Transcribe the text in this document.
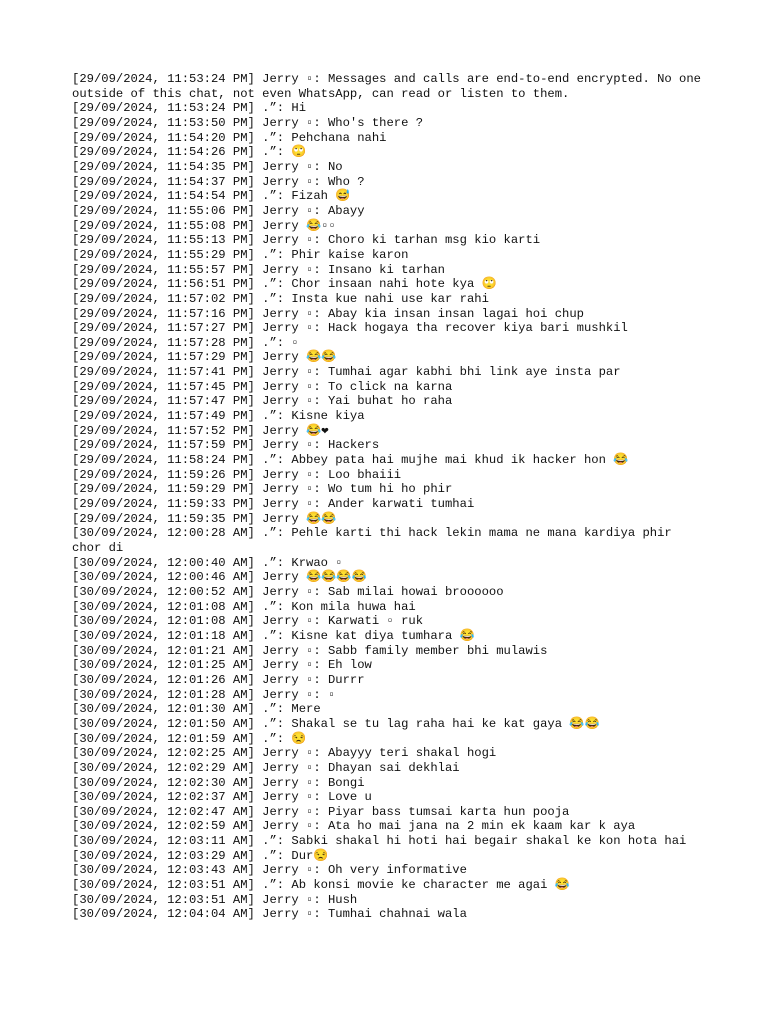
[29/09/2024, 11:53:24 PM] Jerry ▫: Messages and calls are end-to-end encrypted. No one outside of this chat, not even WhatsApp, can read or listen to them.
[29/09/2024, 11:53:24 PM] .”: Hi
[29/09/2024, 11:53:50 PM] Jerry ▫: Who's there ?
[29/09/2024, 11:54:20 PM] .”: Pehchana nahi
[29/09/2024, 11:54:26 PM] .”: 🙄
[29/09/2024, 11:54:35 PM] Jerry ▫: No
[29/09/2024, 11:54:37 PM] Jerry ▫: Who ?
[29/09/2024, 11:54:54 PM] .”: Fizah 😅
[29/09/2024, 11:55:06 PM] Jerry ▫: Abayy
[29/09/2024, 11:55:08 PM] Jerry 😂▫▫
[29/09/2024, 11:55:13 PM] Jerry ▫: Choro ki tarhan msg kio karti
[29/09/2024, 11:55:29 PM] .”: Phir kaise karon
[29/09/2024, 11:55:57 PM] Jerry ▫: Insano ki tarhan
[29/09/2024, 11:56:51 PM] .”: Chor insaan nahi hote kya 🙄
[29/09/2024, 11:57:02 PM] .”: Insta kue nahi use kar rahi
[29/09/2024, 11:57:16 PM] Jerry ▫: Abay kia insan insan lagai hoi chup
[29/09/2024, 11:57:27 PM] Jerry ▫: Hack hogaya tha recover kiya bari mushkil
[29/09/2024, 11:57:28 PM] .”: ▫
[29/09/2024, 11:57:29 PM] Jerry 😂😂
[29/09/2024, 11:57:41 PM] Jerry ▫: Tumhai agar kabhi bhi link aye insta par
[29/09/2024, 11:57:45 PM] Jerry ▫: To click na karna
[29/09/2024, 11:57:47 PM] Jerry ▫: Yai buhat ho raha
[29/09/2024, 11:57:49 PM] .”: Kisne kiya
[29/09/2024, 11:57:52 PM] Jerry 😂❤
[29/09/2024, 11:57:59 PM] Jerry ▫: Hackers
[29/09/2024, 11:58:24 PM] .”: Abbey pata hai mujhe mai khud ik hacker hon 😂
[29/09/2024, 11:59:26 PM] Jerry ▫: Loo bhaiii
[29/09/2024, 11:59:29 PM] Jerry ▫: Wo tum hi ho phir
[29/09/2024, 11:59:33 PM] Jerry ▫: Ander karwati tumhai
[29/09/2024, 11:59:35 PM] Jerry 😂😂
[30/09/2024, 12:00:28 AM] .”: Pehle karti thi hack lekin mama ne mana kardiya phir chor di
[30/09/2024, 12:00:40 AM] .”: Krwao ▫
[30/09/2024, 12:00:46 AM] Jerry 😂😂😂😂
[30/09/2024, 12:00:52 AM] Jerry ▫: Sab milai howai broooooo
[30/09/2024, 12:01:08 AM] .”: Kon mila huwa hai
[30/09/2024, 12:01:08 AM] Jerry ▫: Karwati ▫ ruk
[30/09/2024, 12:01:18 AM] .”: Kisne kat diya tumhara 😂
[30/09/2024, 12:01:21 AM] Jerry ▫: Sabb family member bhi mulawis
[30/09/2024, 12:01:25 AM] Jerry ▫: Eh low
[30/09/2024, 12:01:26 AM] Jerry ▫: Durrr
[30/09/2024, 12:01:28 AM] Jerry ▫: ▫
[30/09/2024, 12:01:30 AM] .”: Mere
[30/09/2024, 12:01:50 AM] .”: Shakal se tu lag raha hai ke kat gaya 😂😂
[30/09/2024, 12:01:59 AM] .”: 😒
[30/09/2024, 12:02:25 AM] Jerry ▫: Abayyy teri shakal hogi
[30/09/2024, 12:02:29 AM] Jerry ▫: Dhayan sai dekhlai
[30/09/2024, 12:02:30 AM] Jerry ▫: Bongi
[30/09/2024, 12:02:37 AM] Jerry ▫: Love u
[30/09/2024, 12:02:47 AM] Jerry ▫: Piyar bass tumsai karta hun pooja
[30/09/2024, 12:02:59 AM] Jerry ▫: Ata ho mai jana na 2 min ek kaam kar k aya
[30/09/2024, 12:03:11 AM] .”: Sabki shakal hi hoti hai begair shakal ke kon hota hai
[30/09/2024, 12:03:29 AM] .”: Dur😒
[30/09/2024, 12:03:43 AM] Jerry ▫: Oh very informative
[30/09/2024, 12:03:51 AM] .”: Ab konsi movie ke character me agai 😂
[30/09/2024, 12:03:51 AM] Jerry ▫: Hush
[30/09/2024, 12:04:04 AM] Jerry ▫: Tumhai chahnai wala
